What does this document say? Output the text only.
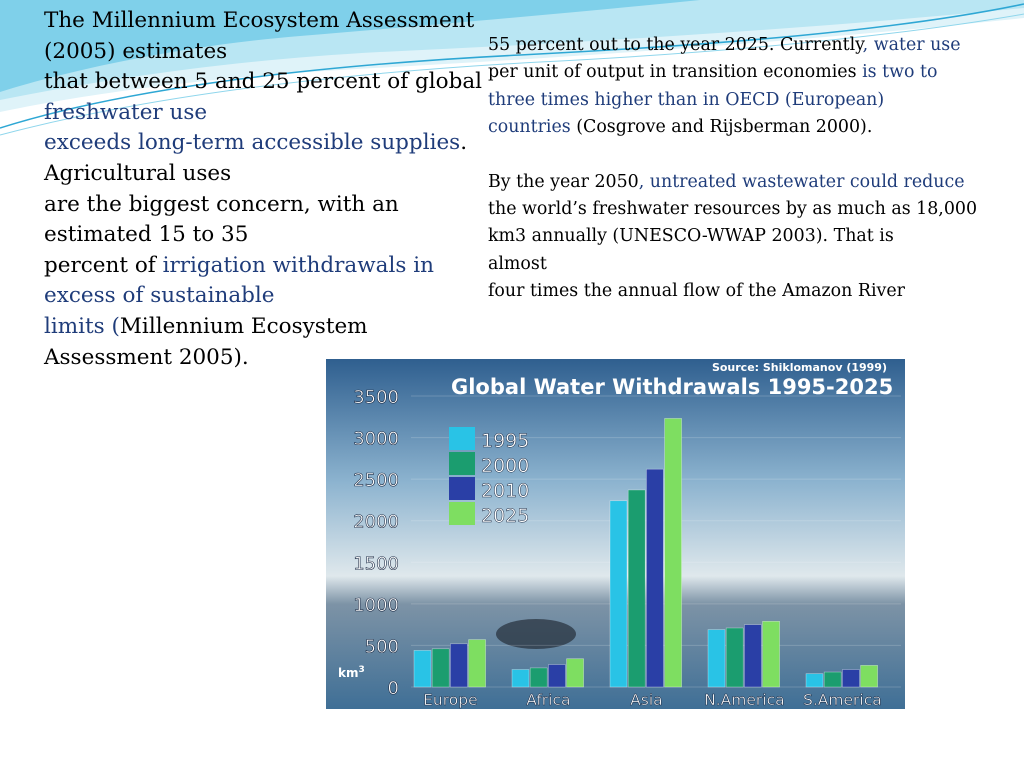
The Millennium Ecosystem Assessment
(2005) estimates
that between 5 and 25 percent of global
freshwater use
exceeds long-term accessible supplies.
Agricultural uses
are the biggest concern, with an
estimated 15 to 35
percent of irrigation withdrawals in
excess of sustainable
limits (Millennium Ecosystem
Assessment 2005).

55 percent out to the year 2025. Currently, water use
per unit of output in transition economies is two to
three times higher than in OECD (European)
countries (Cosgrove and Rijsberman 2000).

By the year 2050, untreated wastewater could reduce
the world’s freshwater resources by as much as 18,000
km3 annually (UNESCO-WWAP 2003). That is
almost
four times the annual flow of the Amazon River

Source: Shiklomanov (1999)
Global Water Withdrawals 1995-2025
0
500
1000
1500
2000
2500
3000
3500
Europe	Africa	Asia	N.America S.America
1995
2000
2010
2025
$km^3$
